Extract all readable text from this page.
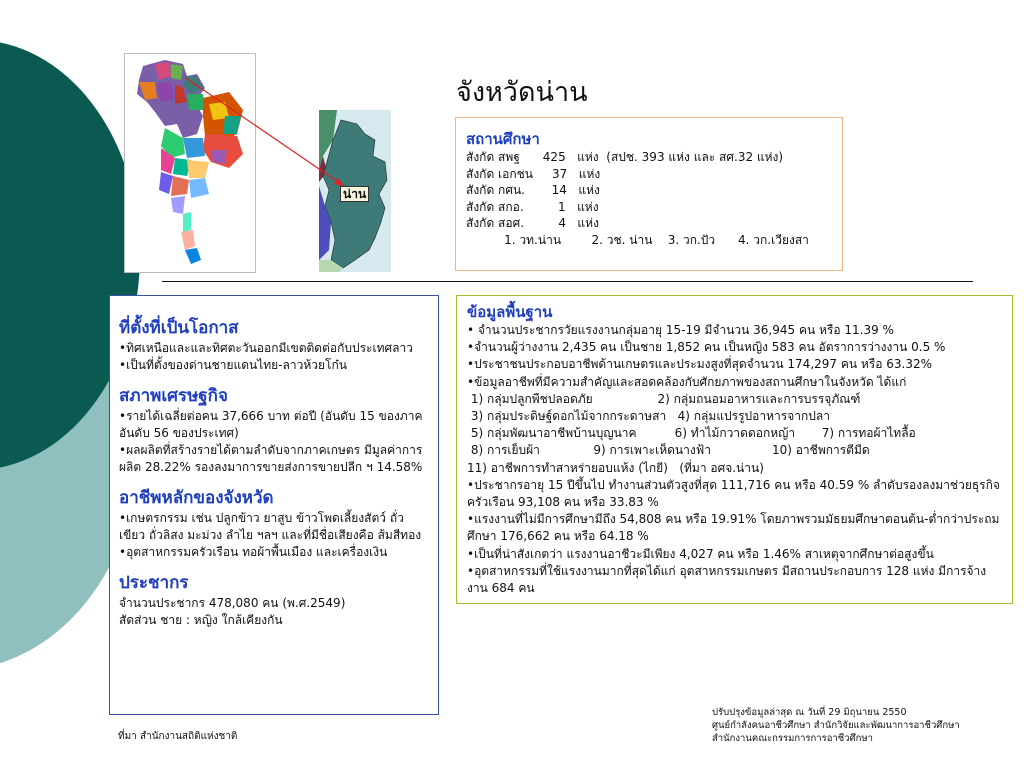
จังหวัดน่าน
น่าน
สถานศึกษา
สังกัด สพฐ      425   แห่ง  (สปช. 393 แห่ง และ สศ.32 แห่ง)
สังกัด เอกชน     37   แห่ง
สังกัด กศน.       14   แห่ง
สังกัด สกอ.         1   แห่ง
สังกัด สอศ.         4   แห่ง
1. วท.น่าน        2. วช. น่าน    3. วก.ปัว      4. วก.เวียงสา
ที่ตั้งที่เป็นโอกาส
•ทิศเหนือและและทิศตะวันออกมีเขตติดต่อกับประเทศลาว
•เป็นที่ตั้งของด่านชายแดนไทย-ลาวห้วยโก๋น
สภาพเศรษฐกิจ
•รายได้เฉลี่ยต่อคน 37,666 บาท ต่อปี (อันดับ 15 ของภาค อันดับ 56 ของประเทศ)
•ผลผลิตที่สร้างรายได้ตามลำดับจากภาคเกษตร มีมูลค่าการผลิต 28.22% รองลงมาการขายส่งการขายปลีก ฯ 14.58%
อาชีพหลักของจังหวัด
•เกษตรกรรม เช่น ปลูกข้าว ยาสูบ ข้าวโพดเลี้ยงสัตว์ ถั่วเขียว ถั่วลิสง มะม่วง ลำไย ฯลฯ และที่มีชื่อเสียงคือ ส้มสีทอง
•อุตสาหกรรมครัวเรือน ทอผ้าพื้นเมือง และเครื่องเงิน
ประชากร
จำนวนประชากร 478,080 คน (พ.ศ.2549)
สัดส่วน ชาย : หญิง ใกล้เคียงกัน
ข้อมูลพื้นฐาน
• จำนวนประชากรวัยแรงงานกลุ่มอายุ 15-19 มีจำนวน 36,945 คน หรือ 11.39 %
•จำนวนผู้ว่างงาน 2,435 คน เป็นชาย 1,852 คน เป็นหญิง 583 คน อัตราการว่างงาน 0.5 %
•ประชาชนประกอบอาชีพด้านเกษตรและประมงสูงที่สุดจำนวน 174,297 คน หรือ 63.32%
•ข้อมูลอาชีพที่มีความสำคัญและสอดคล้องกับศักยภาพของสถานศึกษาในจังหวัด ได้แก่
1) กลุ่มปลูกพืชปลอดภัย                 2) กลุ่มถนอมอาหารและการบรรจุภัณฑ์
3) กลุ่มประดิษฐ์ดอกไม้จากกระดาษสา   4) กลุ่มแปรรูปอาหารจากปลา
5) กลุ่มพัฒนาอาชีพบ้านบุญนาค          6) ทำไม้กวาดดอกหญ้า       7) การทอผ้าไทลื้อ
8) การเย็บผ้า              9) การเพาะเห็ดนางฟ้า                10) อาชีพการตีมีด
11) อาชีพการทำสาหร่ายอบแห้ง (ไกยี)   (ที่มา อศจ.น่าน)
•ประชากรอายุ 15 ปีขึ้นไป ทำงานส่วนตัวสูงที่สุด 111,716 คน หรือ 40.59 % ลำดับรองลงมาช่วยธุรกิจครัวเรือน 93,108 คน หรือ 33.83 %
•แรงงานที่ไม่มีการศึกษามีถึง 54,808 คน หรือ 19.91% โดยภาพรวมมัธยมศึกษาตอนต้น-ต่ำกว่าประถมศึกษา 176,662 คน หรือ 64.18 %
•เป็นที่น่าสังเกตว่า แรงงานอาชีวะมีเพียง 4,027 คน หรือ 1.46% สาเหตุจากศึกษาต่อสูงขึ้น
•อุตสาหกรรมที่ใช้แรงงานมากที่สุดได้แก่ อุตสาหกรรมเกษตร มีสถานประกอบการ 128 แห่ง มีการจ้างงาน 684 คน
ที่มา สำนักงานสถิติแห่งชาติ
ปรับปรุงข้อมูลล่าสุด ณ วันที่ 29 มิถุนายน 2550
ศูนย์กำลังคนอาชีวศึกษา สำนักวิจัยและพัฒนาการอาชีวศึกษา
สำนักงานคณะกรรมการการอาชีวศึกษา
